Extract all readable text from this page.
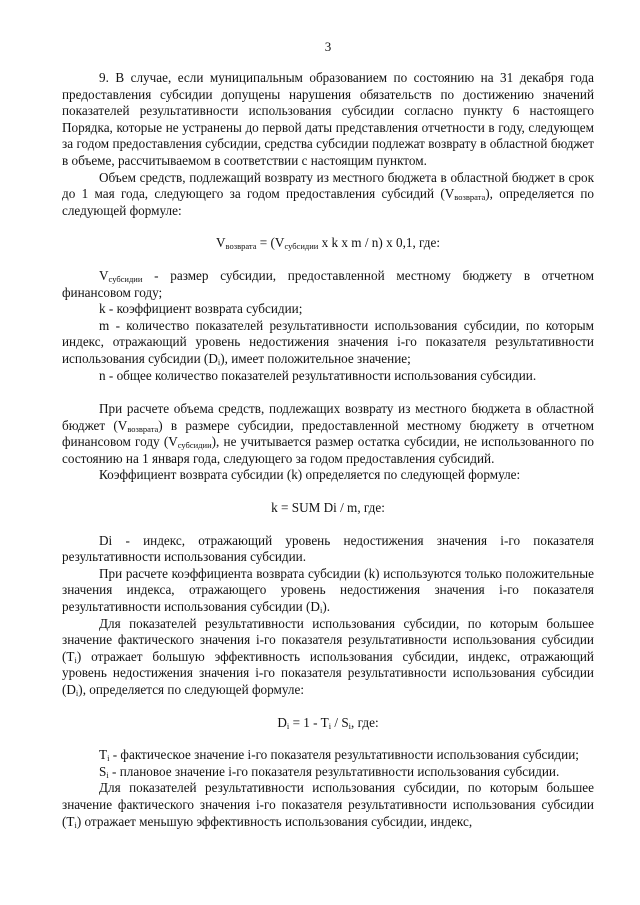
3

9. В случае, если муниципальным образованием по состоянию на 31 декабря года предоставления субсидии допущены нарушения обязательств по достижению значений показателей результативности использования субсидии согласно пункту 6 настоящего Порядка, которые не устранены до первой даты представления отчетности в году, следующем за годом предоставления субсидии, средства субсидии подлежат возврату в областной бюджет в объеме, рассчитываемом в соответствии с настоящим пунктом.

Объем средств, подлежащий возврату из местного бюджета в областной бюджет в срок до 1 мая года, следующего за годом предоставления субсидий $(V_{возврата})$, определяется по следующей формуле:

$V_{возврата} = (V_{субсидии}$ x k x m / n) x 0,1, где:

$V_{субсидии}$ - размер субсидии, предоставленной местному бюджету в отчетном финансовом году;

k - коэффициент возврата субсидии;

m - количество показателей результативности использования субсидии, по которым индекс, отражающий уровень недостижения значения i-го показателя результативности использования субсидии $(D_i)$, имеет положительное значение;

n - общее количество показателей результативности использования субсидии.

При расчете объема средств, подлежащих возврату из местного бюджета в областной бюджет $(V_{возврата})$ в размере субсидии, предоставленной местному бюджету в отчетном финансовом году $(V_{субсидии})$, не учитывается размер остатка субсидии, не использованного по состоянию на 1 января года, следующего за годом предоставления субсидий.

Коэффициент возврата субсидии (k) определяется по следующей формуле:

k = SUM Di / m, где:

Di - индекс, отражающий уровень недостижения значения i-го показателя результативности использования субсидии.

При расчете коэффициента возврата субсидии (k) используются только положительные значения индекса, отражающего уровень недостижения значения i-го показателя результативности использования субсидии $(D_i)$.

Для показателей результативности использования субсидии, по которым большее значение фактического значения i-го показателя результативности использования субсидии $(T_i)$ отражает большую эффективность использования субсидии, индекс, отражающий уровень недостижения значения i-го показателя результативности использования субсидии $(D_i)$, определяется по следующей формуле:

$D_i = 1 - T_i / S_i$, где:

$T_i$ - фактическое значение i-го показателя результативности использования субсидии;

$S_i$ - плановое значение i-го показателя результативности использования субсидии.

Для показателей результативности использования субсидии, по которым большее значение фактического значения i-го показателя результативности использования субсидии $(T_i)$ отражает меньшую эффективность использования субсидии, индекс,
